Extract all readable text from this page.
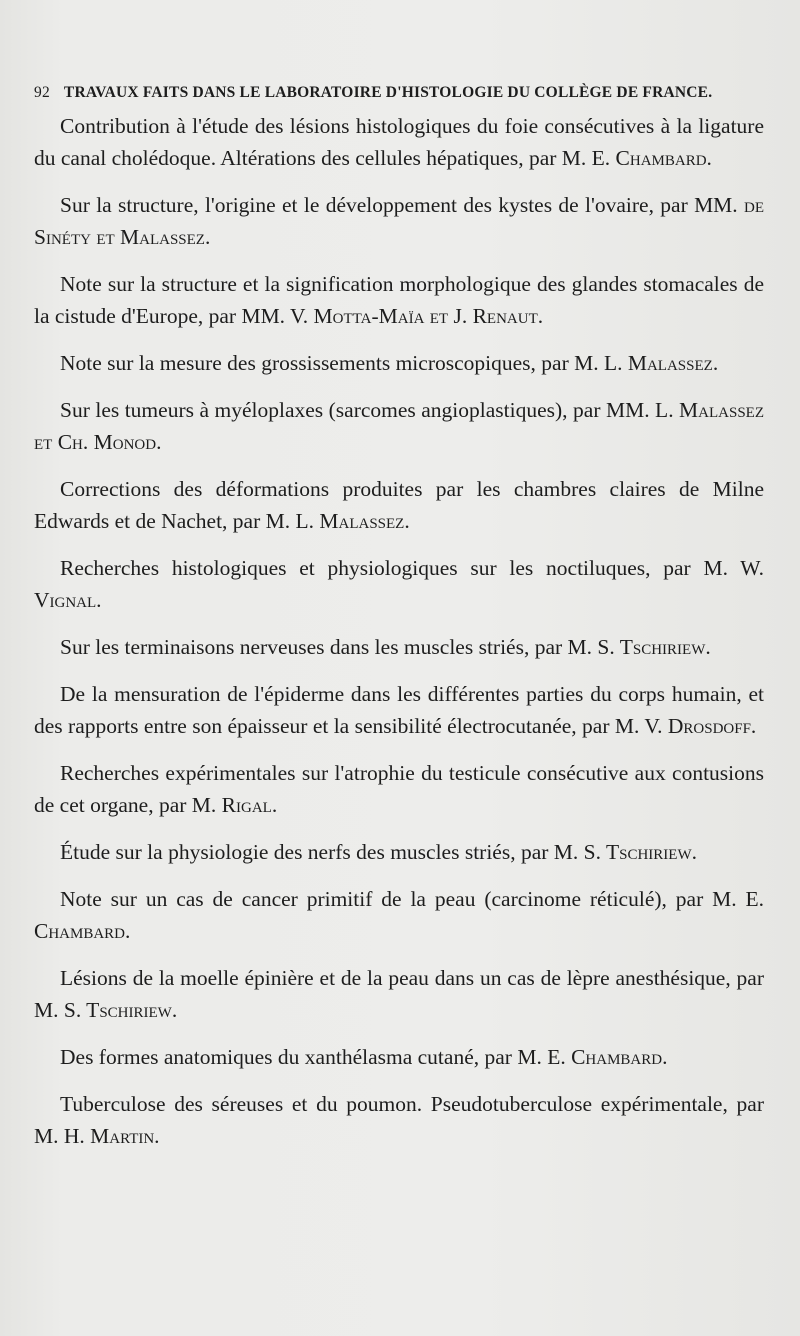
92 TRAVAUX FAITS DANS LE LABORATOIRE D'HISTOLOGIE DU COLLÈGE DE FRANCE.

Contribution à l'étude des lésions histologiques du foie consécutives à la ligature du canal cholédoque. Altérations des cellules hépatiques, par M. E. Chambard.

Sur la structure, l'origine et le développement des kystes de l'ovaire, par MM. de Sinéty et Malassez.

Note sur la structure et la signification morphologique des glandes stomacales de la cistude d'Europe, par MM. V. Motta-Maïa et J. Renaut.

Note sur la mesure des grossissements microscopiques, par M. L. Malassez.

Sur les tumeurs à myéloplaxes (sarcomes angioplastiques), par MM. L. Malassez et Ch. Monod.

Corrections des déformations produites par les chambres claires de Milne Edwards et de Nachet, par M. L. Malassez.

Recherches histologiques et physiologiques sur les noctiluques, par M. W. Vignal.

Sur les terminaisons nerveuses dans les muscles striés, par M. S. Tschiriew.

De la mensuration de l'épiderme dans les différentes parties du corps humain, et des rapports entre son épaisseur et la sensibilité électrocutanée, par M. V. Drosdoff.

Recherches expérimentales sur l'atrophie du testicule consécutive aux contusions de cet organe, par M. Rigal.

Étude sur la physiologie des nerfs des muscles striés, par M. S. Tschiriew.

Note sur un cas de cancer primitif de la peau (carcinome réticulé), par M. E. Chambard.

Lésions de la moelle épinière et de la peau dans un cas de lèpre anesthésique, par M. S. Tschiriew.

Des formes anatomiques du xanthélasma cutané, par M. E. Chambard.

Tuberculose des séreuses et du poumon. Pseudotuberculose expérimentale, par M. H. Martin.
